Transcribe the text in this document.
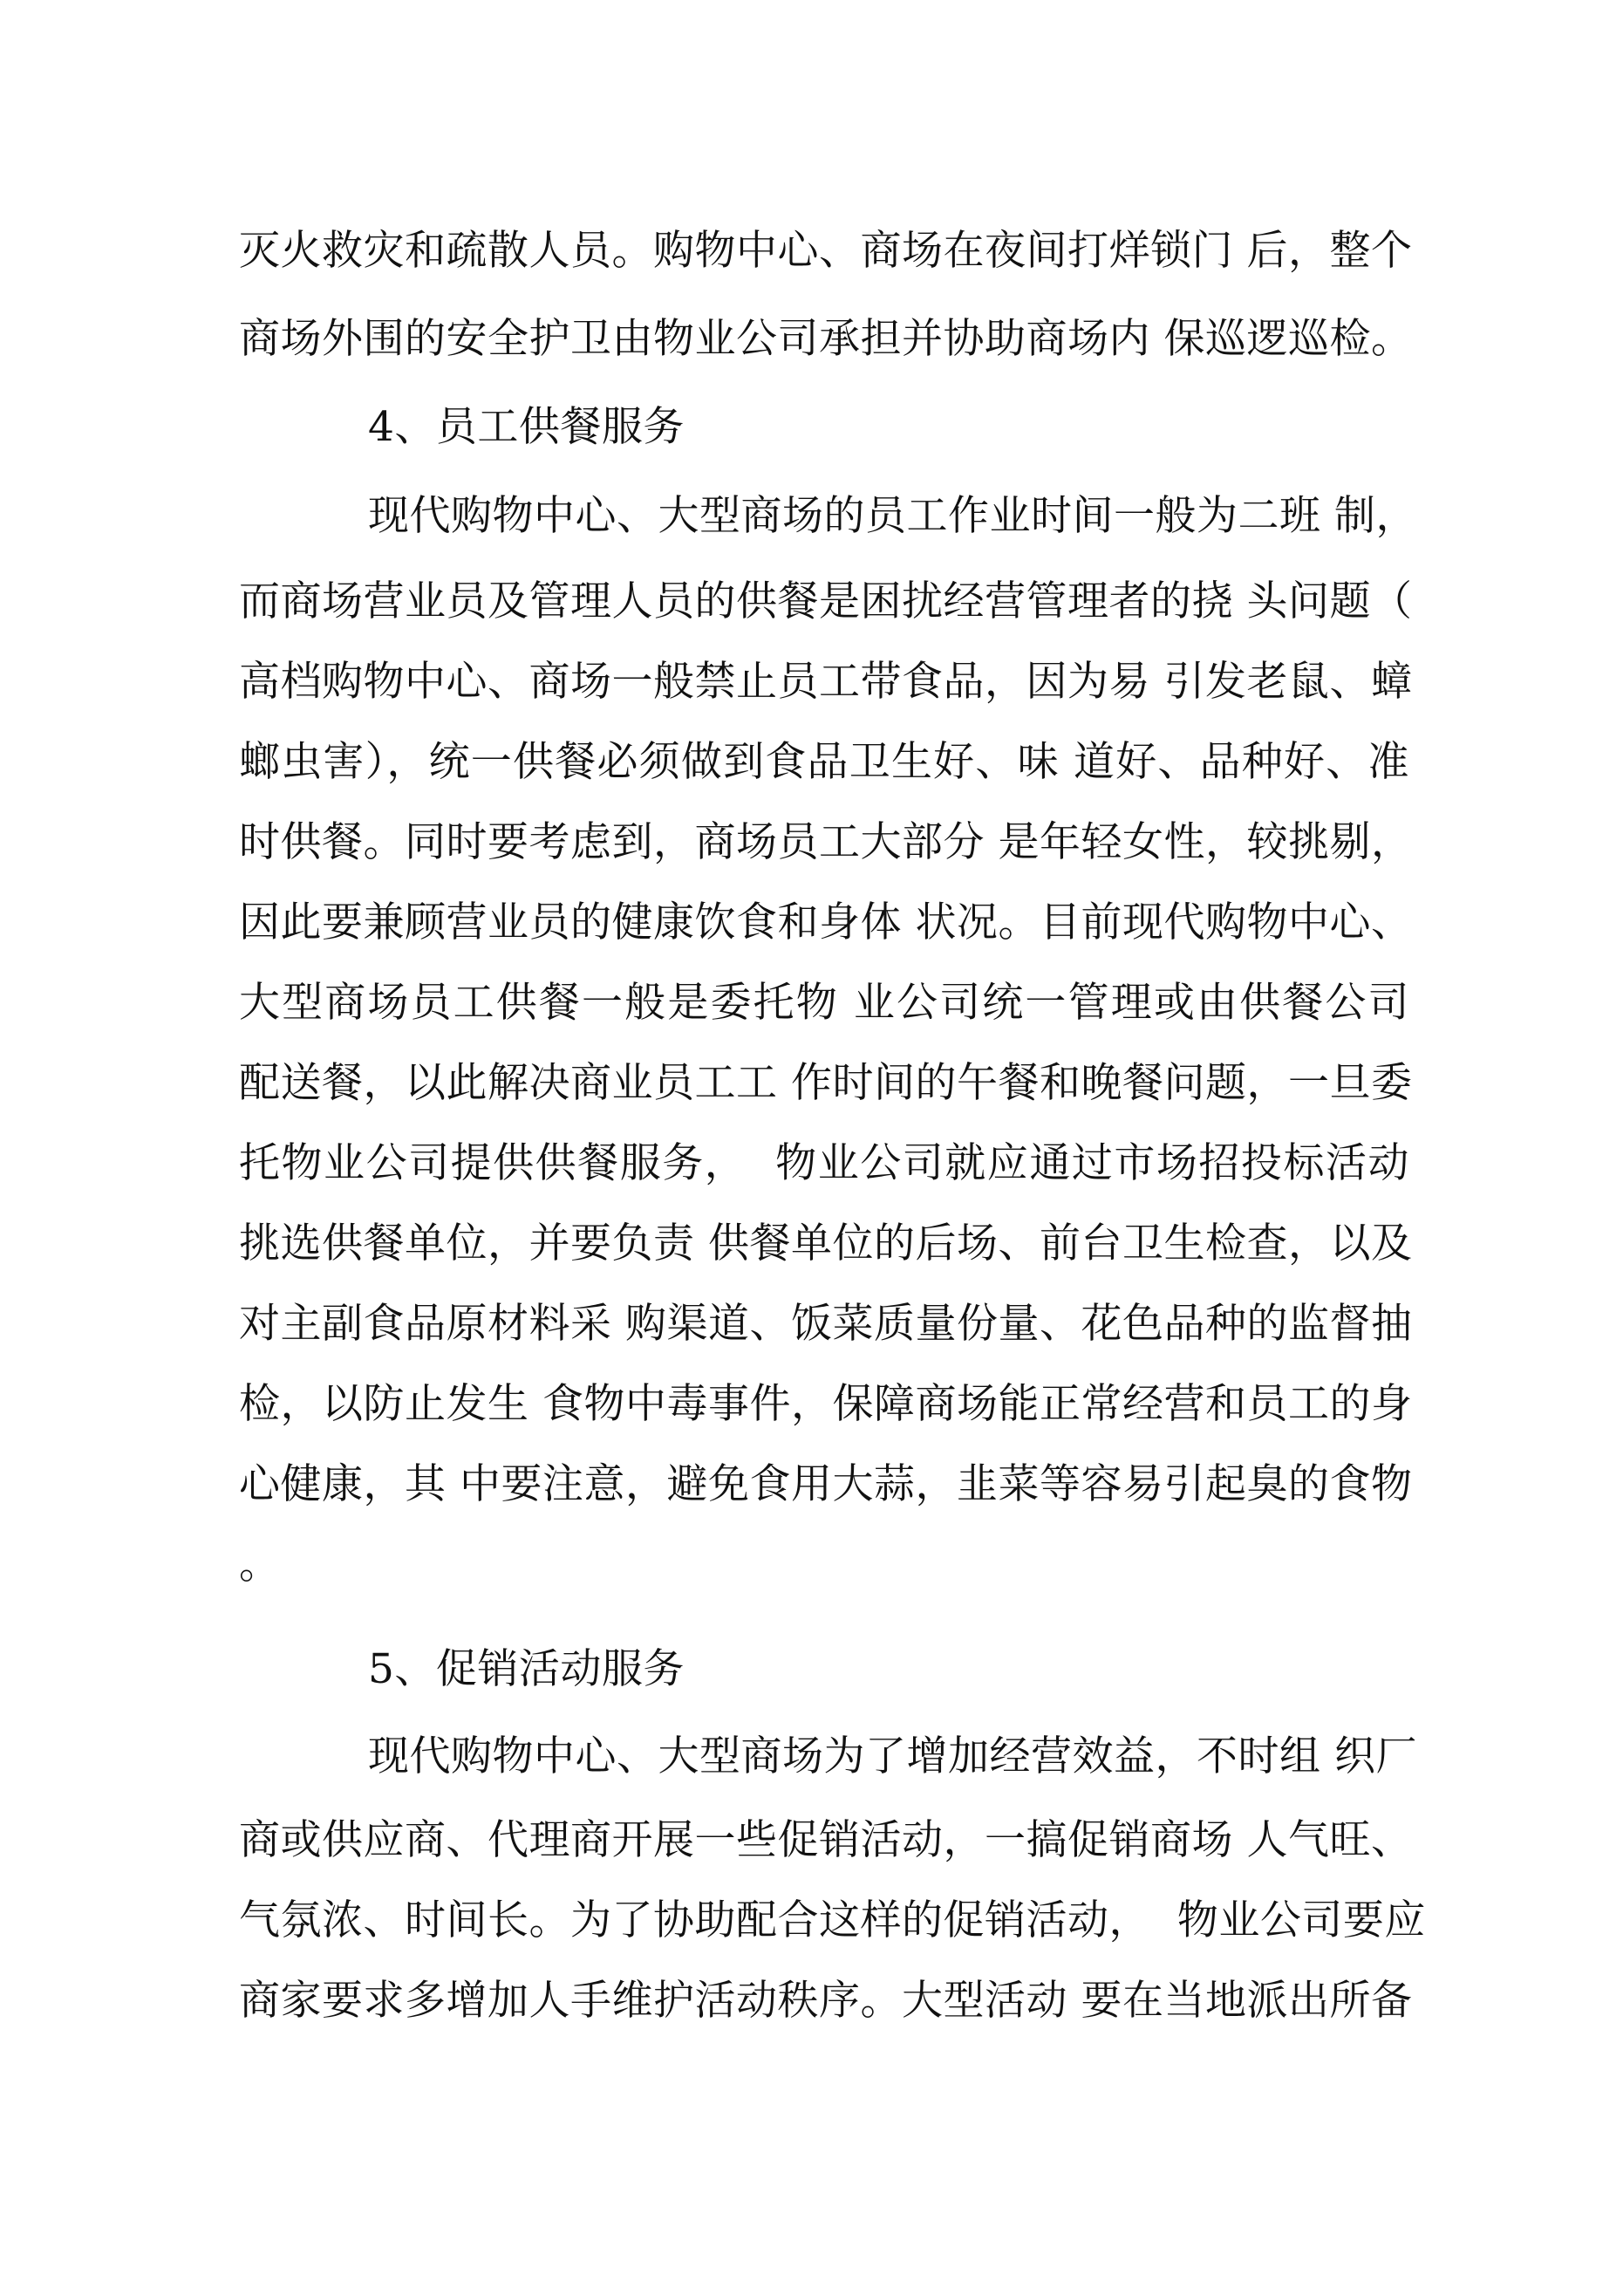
灭火救灾和疏散人员。购物中心、商场在夜间打烊锁门 后，整个
商场外围的安全护卫由物业公司承担并协助商场内 保巡逻巡检。
4、员工供餐服务
现代购物中心、大型商场的员工作业时间一般为二班 制，
而商场营业员及管理人员的供餐是困扰经营管理者的挠 头问题（
高档购物中心、商场一般禁止员工带食品，因为易 引发老鼠、蟑
螂虫害），统一供餐必须做到食品卫生好、味 道好、品种好、准
时供餐。同时要考虑到，商场员工大部分 是年轻女性，较挑剔，
因此要兼顾营业员的健康饮食和身体 状况。目前现代购物中心、
大型商场员工供餐一般是委托物 业公司统一管理或由供餐公司
配送餐，以此解决商业员工工 作时间的午餐和晚餐问题，一旦委
托物业公司提供供餐服务，  物业公司就应通过市场招投标活动
挑选供餐单位，并要负责 供餐单位的后场、前台卫生检查，以及
对主副食品原材料采 购渠道、饭菜质量份量、花色品种的监督抽
检，以防止发生 食物中毒事件，保障商场能正常经营和员工的身
心健康，其 中要注意，避免食用大蒜，韭菜等容易引起臭的食物
。
5、促销活动服务
现代购物中心、大型商场为了增加经营效益，不时组 织厂
商或供应商、代理商开展一些促销活动，一搞促销商场 人气旺、
气氛浓、时间长。为了协助配合这样的促销活动，  物业公司要应
商家要求多增加人手维护活动秩序。大型活动 要在当地派出所备
